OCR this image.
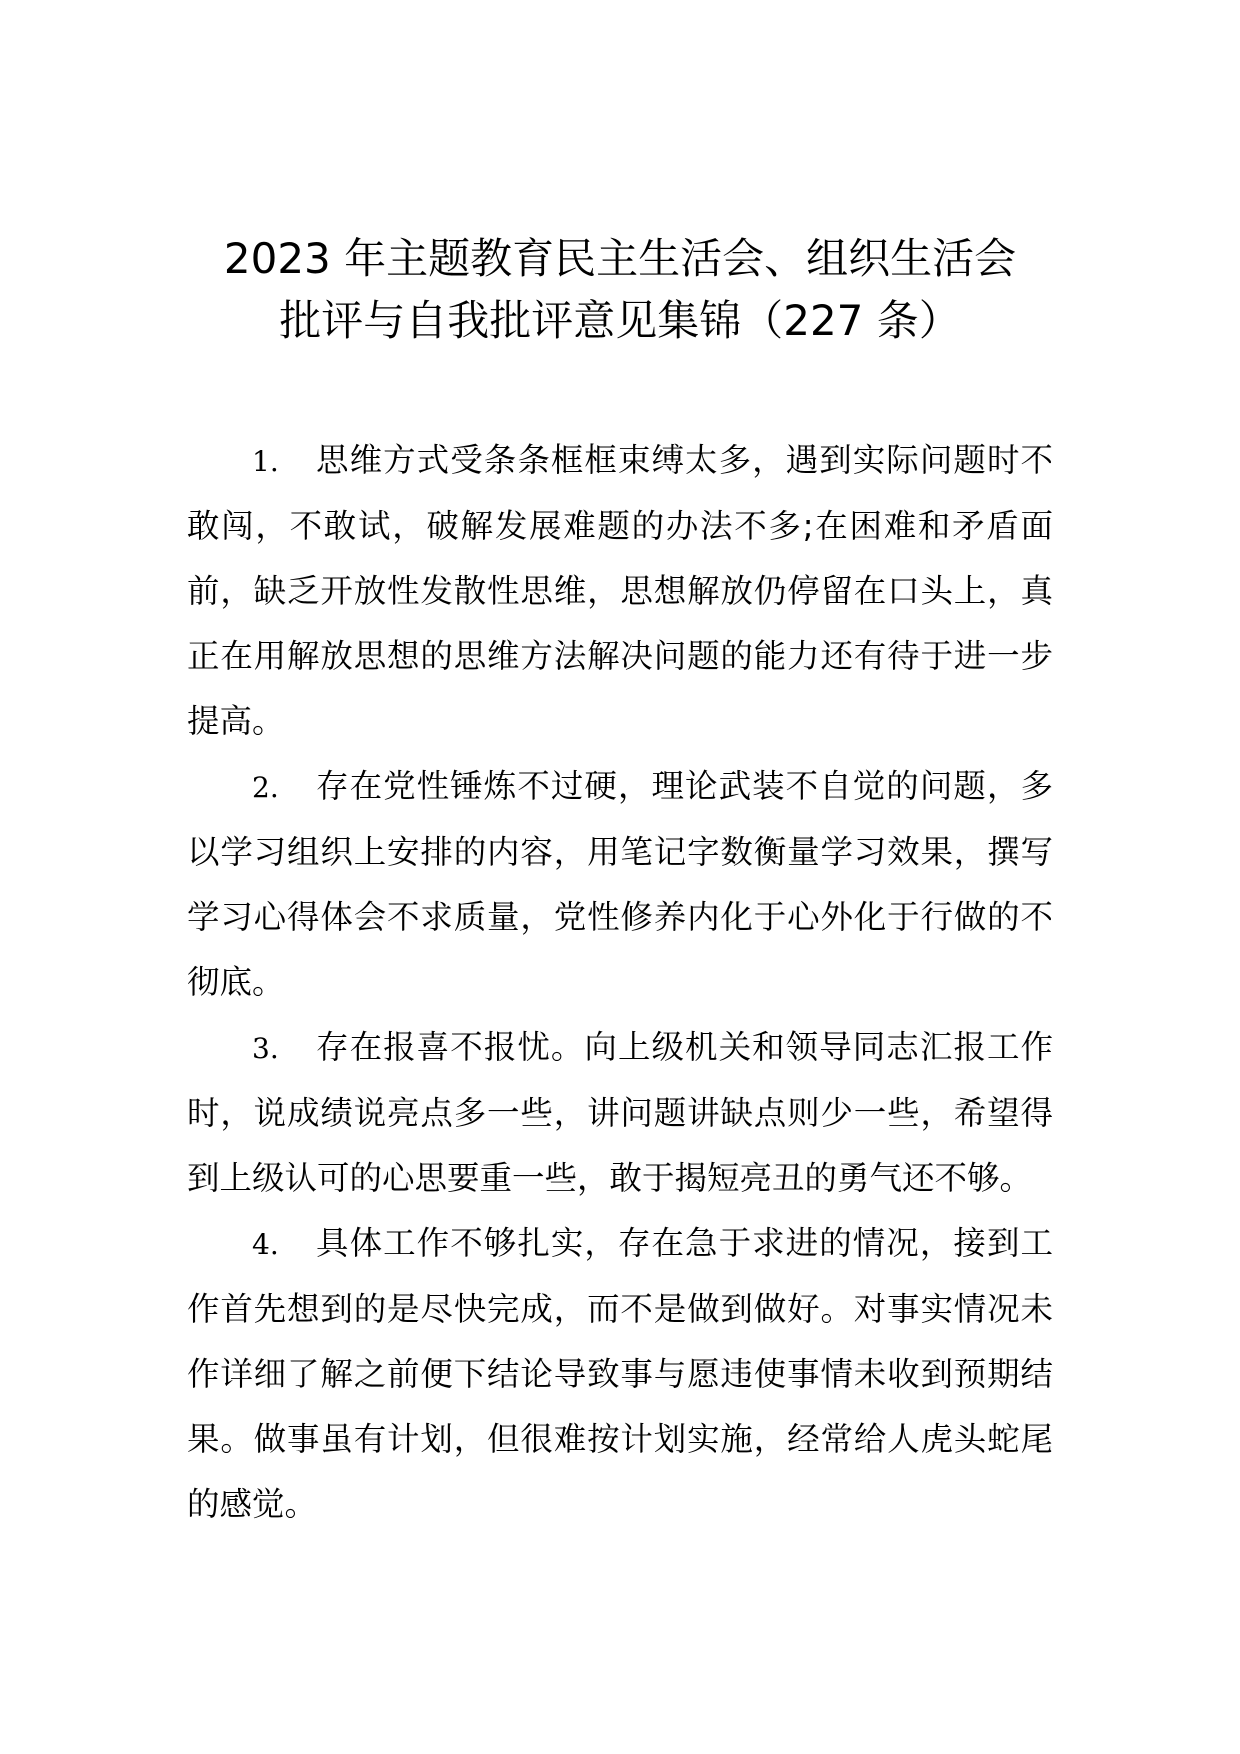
2023 年主题教育民主生活会、组织生活会
批评与自我批评意见集锦（227 条）

1. 思维方式受条条框框束缚太多，遇到实际问题时不敢闯，不敢试，破解发展难题的办法不多;在困难和矛盾面前，缺乏开放性发散性思维，思想解放仍停留在口头上，真正在用解放思想的思维方法解决问题的能力还有待于进一步提高。

2. 存在党性锤炼不过硬，理论武装不自觉的问题，多以学习组织上安排的内容，用笔记字数衡量学习效果，撰写学习心得体会不求质量，党性修养内化于心外化于行做的不彻底。

3. 存在报喜不报忧。向上级机关和领导同志汇报工作时，说成绩说亮点多一些，讲问题讲缺点则少一些，希望得到上级认可的心思要重一些，敢于揭短亮丑的勇气还不够。

4. 具体工作不够扎实，存在急于求进的情况，接到工作首先想到的是尽快完成，而不是做到做好。对事实情况未作详细了解之前便下结论导致事与愿违使事情未收到预期结果。做事虽有计划，但很难按计划实施，经常给人虎头蛇尾的感觉。
